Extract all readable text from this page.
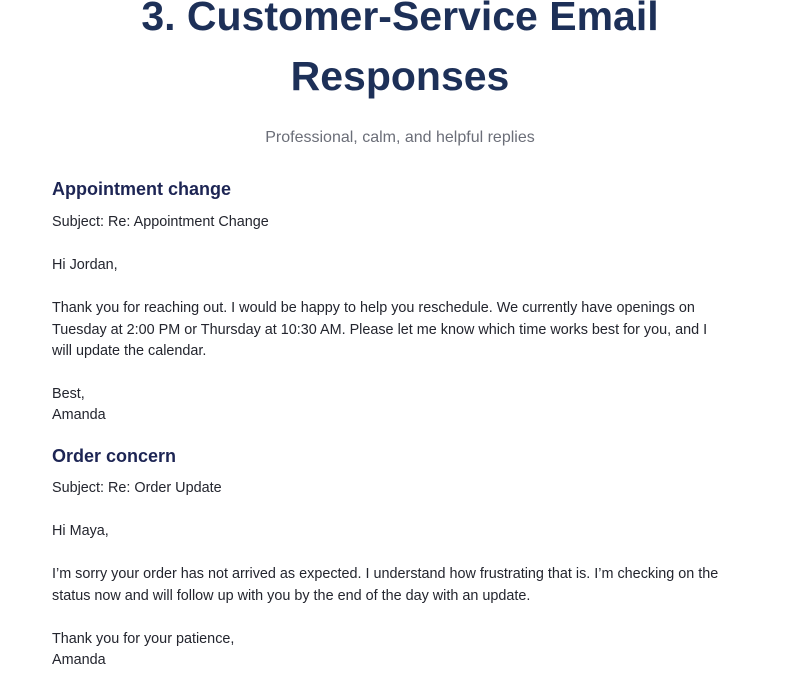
3. Customer-Service Email
Responses

Professional, calm, and helpful replies

Appointment change

Subject: Re: Appointment Change

Hi Jordan,

Thank you for reaching out. I would be happy to help you reschedule. We currently have openings on
Tuesday at 2:00 PM or Thursday at 10:30 AM. Please let me know which time works best for you, and I
will update the calendar.

Best,

Amanda

Order concern

Subject: Re: Order Update

Hi Maya,

I’m sorry your order has not arrived as expected. I understand how frustrating that is. I’m checking on the
status now and will follow up with you by the end of the day with an update.

Thank you for your patience,

Amanda
